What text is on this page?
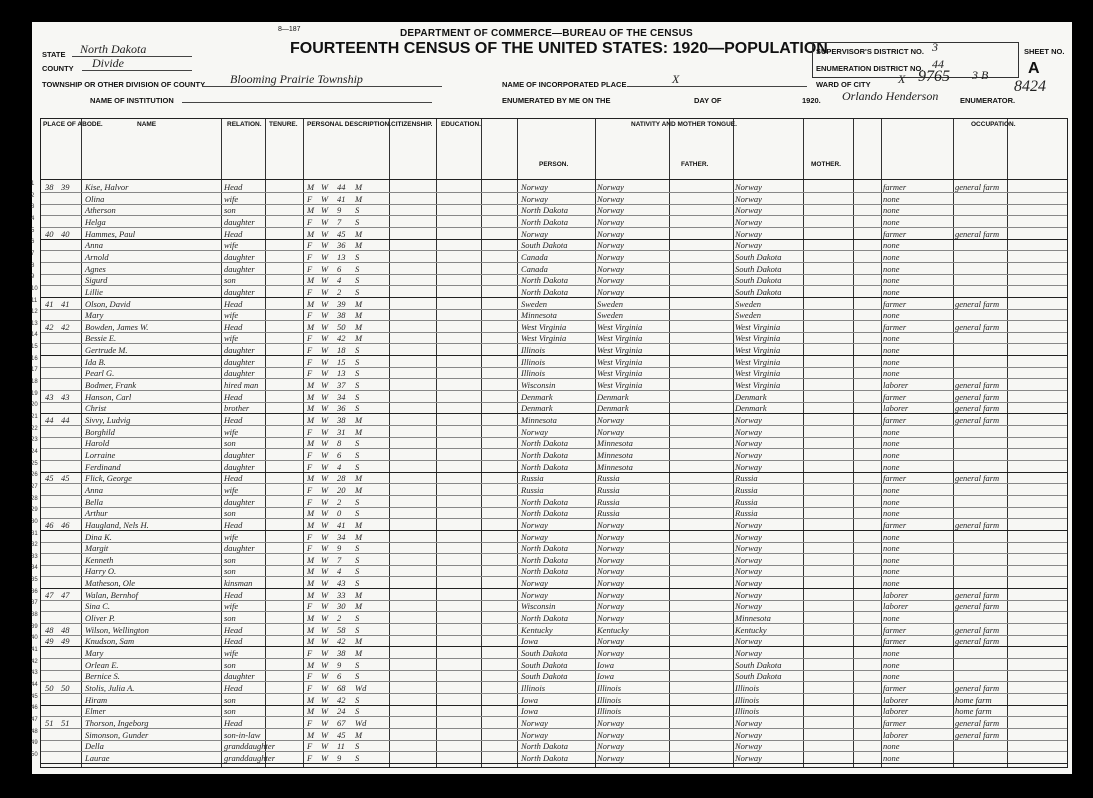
8—187	DEPARTMENT OF COMMERCE—BUREAU OF THE CENSUS
FOURTEENTH CENSUS OF THE UNITED STATES: 1920—POPULATION
STATE North Dakota
COUNTY Divide
TOWNSHIP OR OTHER DIVISION OF COUNTY Blooming Prairie Township
NAME OF INSTITUTION
NAME OF INCORPORATED PLACE	X
ENUMERATED BY ME ON THE	DAY OF	1920. Orlando Henderson	ENUMERATOR.
SUPERVISOR'S DISTRICT NO. 3
ENUMERATION DISTRICT NO. 44
WARD OF CITY X 9765 3 B
SHEET NO.
A
8424
PLACE OF ABODE.	NAME	RELATION. TENURE. PERSONAL DESCRIPTION. CITIZENSHIP. EDUCATION.	NATIVITY AND MOTHER TONGUE.	OCCUPATION.
PERSON.	FATHER.	MOTHER.
1 38 39	Kise, Halvor	Head	M W	44	M	Norway	Norway	Norway	farmer	general farm
2	Olina	wife	F	W	41	M	Norway	Norway	Norway	none
3	Atherson	son	M W	9	S	North Dakota	Norway	Norway	none
4	Helga	daughter	F	W	7	S	North Dakota	Norway	Norway	none
5 40 40	Hammes, Paul	Head	M W	45	M	Norway	Norway	Norway	farmer	general farm
6	Anna	wife	F	W	36	M	South Dakota	Norway	Norway	none
7	Arnold	daughter	F	W	13	S	Canada	Norway	South Dakota	none
8	Agnes	daughter	F	W	6	S	Canada	Norway	South Dakota	none
9	Sigurd	son	M W	4	S	North Dakota	Norway	South Dakota	none
10	Lillie	daughter	F	W	2	S	North Dakota	Norway	South Dakota	none
11 41 41	Olson, David	Head	M W	39	M	Sweden	Sweden	Sweden	farmer	general farm
12	Mary	wife	F	W	38	M	Minnesota	Sweden	Sweden	none
13 42 42	Bowden, James W.	Head	M W	50	M	West Virginia	West Virginia	West Virginia	farmer	general farm
14	Bessie E.	wife	F	W	42	M	West Virginia	West Virginia	West Virginia	none
15	Gertrude M.	daughter	F	W	18	S	Illinois	West Virginia	West Virginia	none
16	Ida B.	daughter	F	W	15	S	Illinois	West Virginia	West Virginia	none
17	Pearl G.	daughter	F	W	13	S	Illinois	West Virginia	West Virginia	none
18	Bodmer, Frank	hired man	M W	37	S	Wisconsin	West Virginia	West Virginia	laborer	general farm
19 43 43	Hanson, Carl	Head	M W	34	S	Denmark	Denmark	Denmark	farmer	general farm
20	Christ	brother	M W	36	S	Denmark	Denmark	Denmark	laborer	general farm
21 44 44	Sivvy, Ludvig	Head	M W	38	M	Minnesota	Norway	Norway	farmer	general farm
22	Borghild	wife	F	W	31	M	Norway	Norway	Norway	none
23	Harold	son	M W	8	S	North Dakota	Minnesota	Norway	none
24	Lorraine	daughter	F	W	6	S	North Dakota	Minnesota	Norway	none
25	Ferdinand	daughter	F	W	4	S	North Dakota	Minnesota	Norway	none
26 45 45	Flick, George	Head	M W	28	M	Russia	Russia	Russia	farmer	general farm
27	Anna	wife	F	W	20	M	Russia	Russia	Russia	none
28	Bella	daughter	F	W	2	S	North Dakota	Russia	Russia	none
29	Arthur	son	M W	0	S	North Dakota	Russia	Russia	none
30 46 46	Haugland, Nels H.	Head	M W	41	M	Norway	Norway	Norway	farmer	general farm
31	Dina K.	wife	F	W	34	M	Norway	Norway	Norway	none
32	Margit	daughter	F	W	9	S	North Dakota	Norway	Norway	none
33	Kenneth	son	M W	7	S	North Dakota	Norway	Norway	none
34	Harry O.	son	M W	4	S	North Dakota	Norway	Norway	none
35	Matheson, Ole	kinsman	M W	43	S	Norway	Norway	Norway	none
36 47 47	Walan, Bernhof	Head	M W	33	M	Norway	Norway	Norway	laborer	general farm
37	Sina C.	wife	F	W	30	M	Wisconsin	Norway	Norway	laborer	general farm
38	Oliver P.	son	M W	2	S	North Dakota	Norway	Minnesota	none
39 48 48	Wilson, Wellington	Head	M W	58	S	Kentucky	Kentucky	Kentucky	farmer	general farm
40 49 49	Knudson, Sam	Head	M W	42	M	Iowa	Norway	Norway	farmer	general farm
41	Mary	wife	F	W	38	M	South Dakota	Norway	Norway	none
42	Orlean E.	son	M W	9	S	South Dakota	Iowa	South Dakota	none
43	Bernice S.	daughter	F	W	6	S	South Dakota	Iowa	South Dakota	none
44 50 50	Stolis, Julia A.	Head	F	W	68	Wd	Illinois	Illinois	Illinois	farmer	general farm
45	Hiram	son	M W	42	S	Iowa	Illinois	Illinois	laborer	home farm
46	Elmer	son	M W	24	S	Iowa	Illinois	Illinois	laborer	home farm
47 51 51	Thorson, Ingeborg	Head	F	W	67	Wd	Norway	Norway	Norway	farmer	general farm
48	Simonson, Gunder	son-in-law	M W	45	M	Norway	Norway	Norway	laborer	general farm
49	Della	granddaughter	F	W	11	S	North Dakota	Norway	Norway	none
50	Laurae	granddaughter	F	W	9	S	North Dakota	Norway	Norway	none
